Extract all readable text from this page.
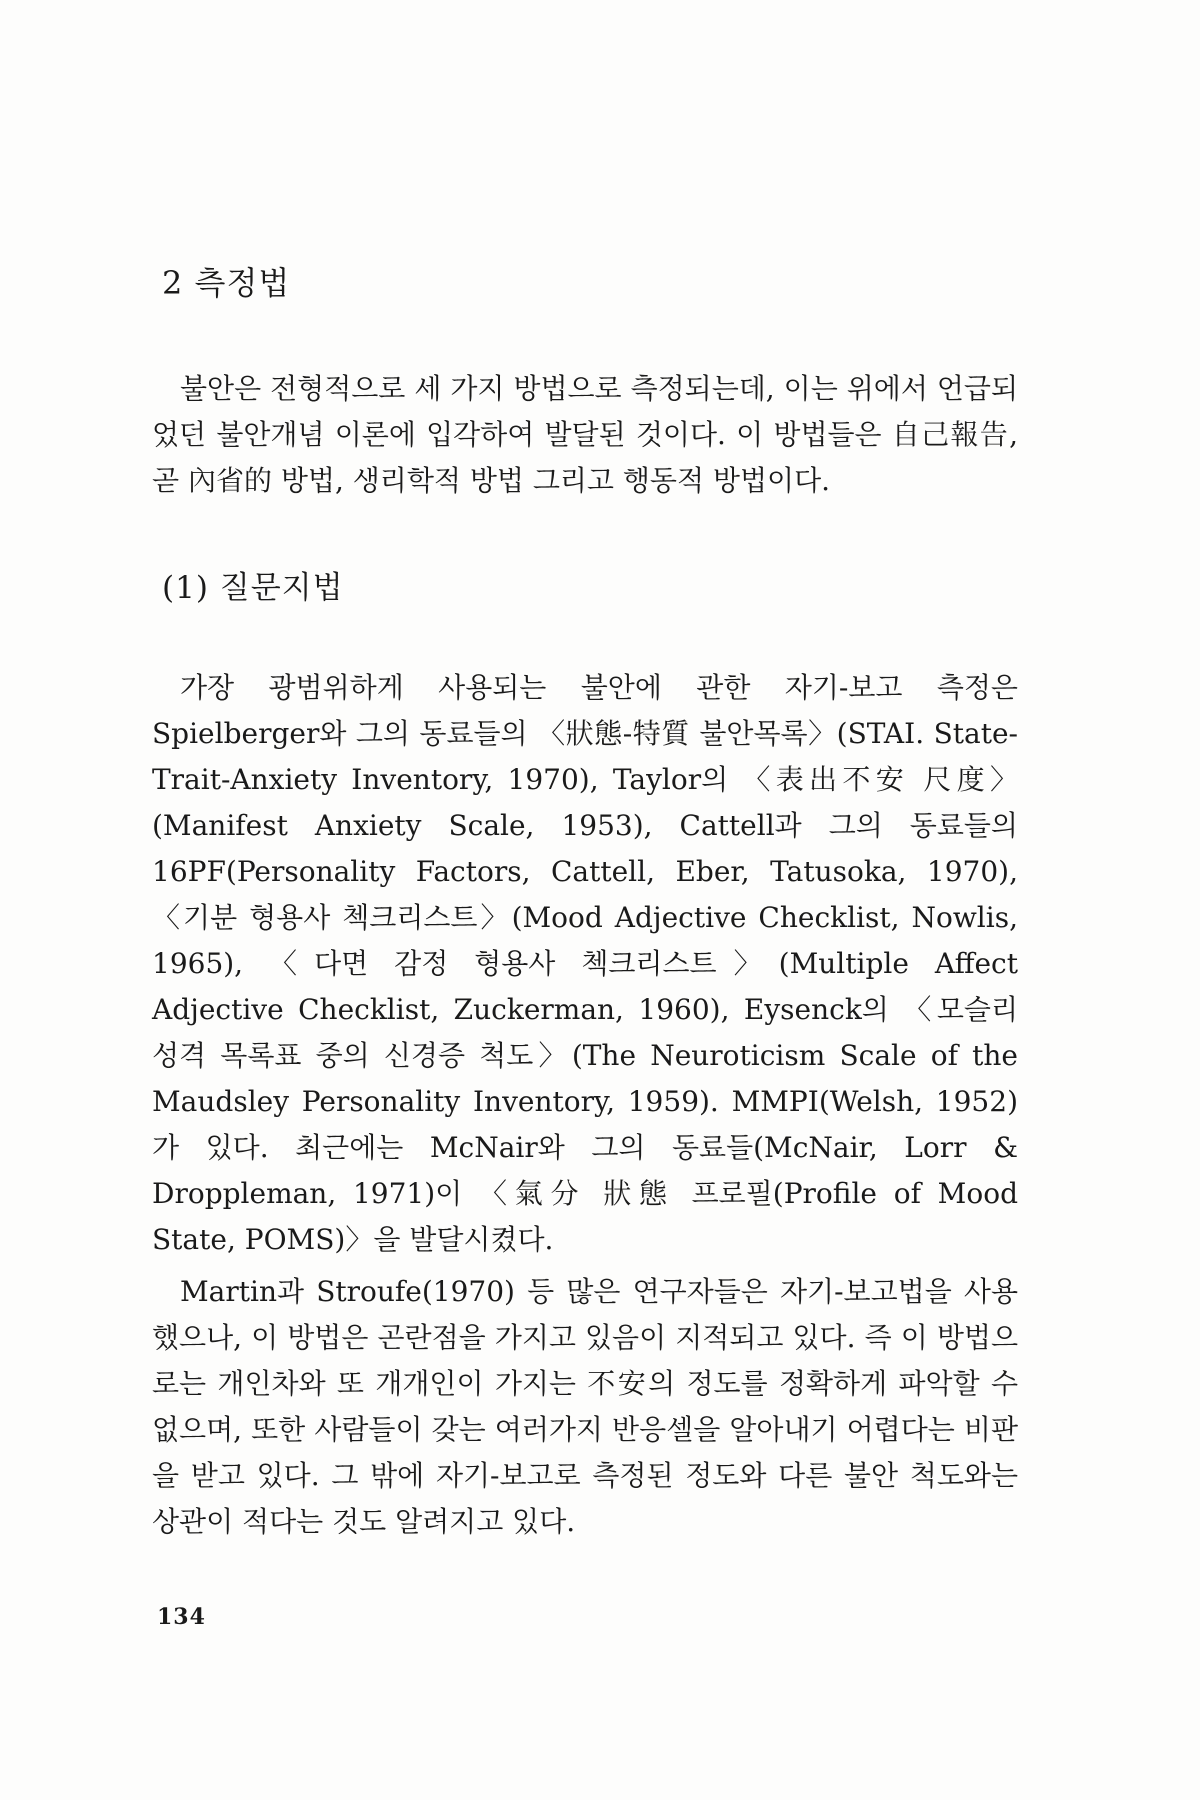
2 측정법

불안은 전형적으로 세 가지 방법으로 측정되는데, 이는 위에서 언급되었던 불안개념 이론에 입각하여 발달된 것이다. 이 방법들은 自己報告, 곧 內省的 방법, 생리학적 방법 그리고 행동적 방법이다.

(1) 질문지법

가장 광범위하게 사용되는 불안에 관한 자기-보고 측정은 Spielberger와 그의 동료들의 〈狀態-特質 불안목록〉(STAI. State-Trait-Anxiety Inventory, 1970), Taylor의 〈表出不安 尺度〉(Manifest Anxiety Scale, 1953), Cattell과 그의 동료들의 16PF(Personality Factors, Cattell, Eber, Tatusoka, 1970), 〈기분 형용사 첵크리스트〉(Mood Adjective Checklist, Nowlis, 1965), 〈다면 감정 형용사 첵크리스트〉(Multiple Affect Adjective Checklist, Zuckerman, 1960), Eysenck의 〈모슬리 성격 목록표 중의 신경증 척도〉(The Neuroticism Scale of the Maudsley Personality Inventory, 1959). MMPI(Welsh, 1952)가 있다. 최근에는 McNair와 그의 동료들(McNair, Lorr & Droppleman, 1971)이 〈氣分 狀態 프로필(Profile of Mood State, POMS)〉을 발달시켰다.

Martin과 Stroufe(1970) 등 많은 연구자들은 자기-보고법을 사용했으나, 이 방법은 곤란점을 가지고 있음이 지적되고 있다. 즉 이 방법으로는 개인차와 또 개개인이 가지는 不安의 정도를 정확하게 파악할 수 없으며, 또한 사람들이 갖는 여러가지 반응셀을 알아내기 어렵다는 비판을 받고 있다. 그 밖에 자기-보고로 측정된 정도와 다른 불안 척도와는 상관이 적다는 것도 알려지고 있다.

134
